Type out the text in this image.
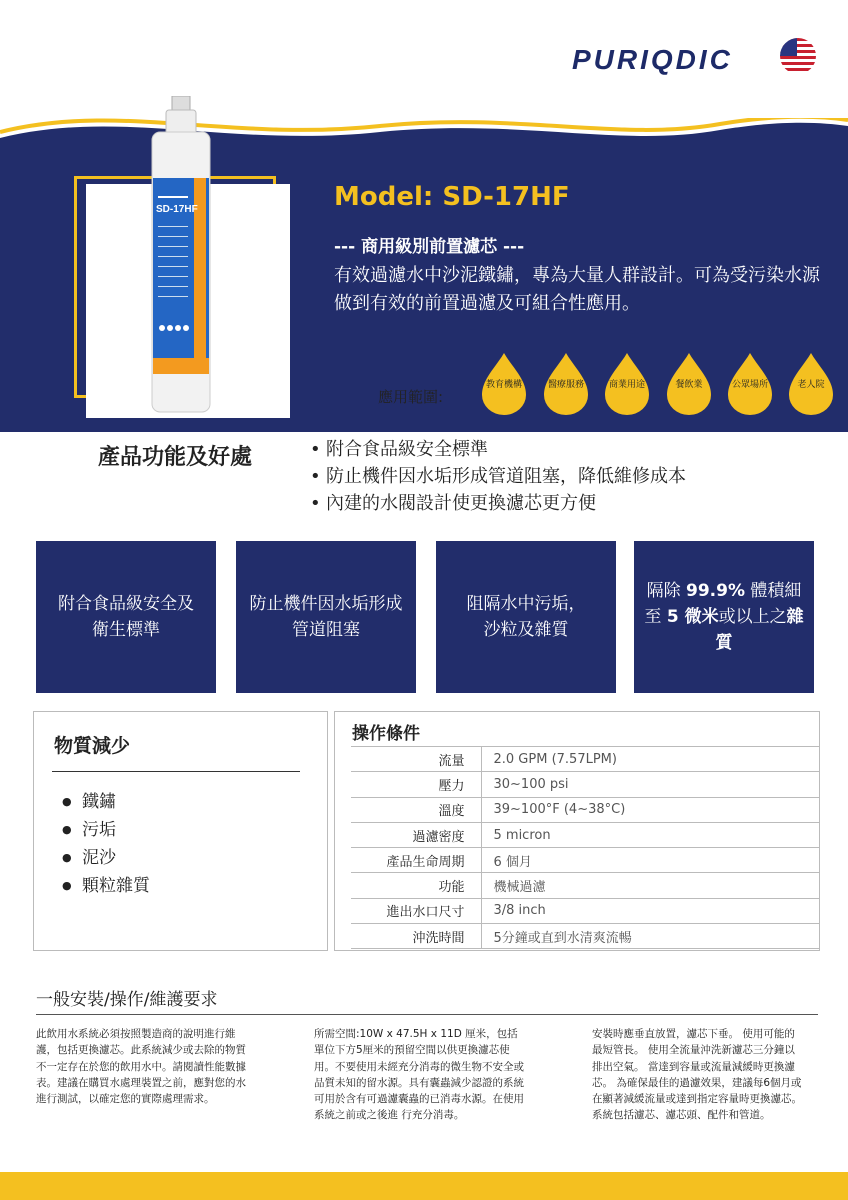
PURIQDIC
SD-17HF	Model: SD-17HF
--- 商用級別前置濾芯 ---
有效過濾水中沙泥鐵鏽，專為大量人群設計。可為受污染水源做到有效的前置過濾及可組合性應用。
應用範圍:
教育機構	醫療服務	商業用途	餐飲業	公眾場所	老人院
產品功能及好處	• 附合食品級安全標準
• 防止機件因水垢形成管道阻塞，降低維修成本
• 內建的水閥設計使更換濾芯更方便
附合食品級安全及衛生標準
防止機件因水垢形成管道阻塞
阻隔水中污垢，沙粒及雜質
隔除 99.9% 體積細至 5 微米或以上之雜質
物質減少
● 鐵鏽
● 污垢
● 泥沙
● 顆粒雜質
操作條件
流量	2.0 GPM (7.57LPM)
壓力	30~100 psi
溫度	39~100°F (4~38°C)
過濾密度	5 micron
產品生命周期	6 個月
功能	機械過濾
進出水口尺寸	3/8 inch
沖洗時間	5分鐘或直到水清爽流暢
一般安裝/操作/維護要求
此飲用水系統必須按照製造商的說明進行維護，包括更換濾芯。此系統減少或去除的物質不一定存在於您的飲用水中。請閱讀性能數據表。建議在購買水處理裝置之前，應對您的水進行測試，以確定您的實際處理需求。
所需空間:10W x 47.5H x 11D 厘米，包括單位下方5厘米的預留空間以供更換濾芯使用。不要使用未經充分消毒的微生物不安全或品質未知的留水源。具有囊蟲減少認證的系統可用於含有可過濾囊蟲的已消毒水源。在使用系統之前或之後進 行充分消毒。
安裝時應垂直放置，濾芯下垂。 使用可能的最短管長。 使用全流量沖洗新濾芯三分鐘以排出空氣。 當達到容量或流量減緩時更換濾芯。 為確保最佳的過濾效果，建議每6個月或在顯著減緩流量或達到指定容量時更換濾芯。 系統包括濾芯、濾芯頭、配件和管道。
